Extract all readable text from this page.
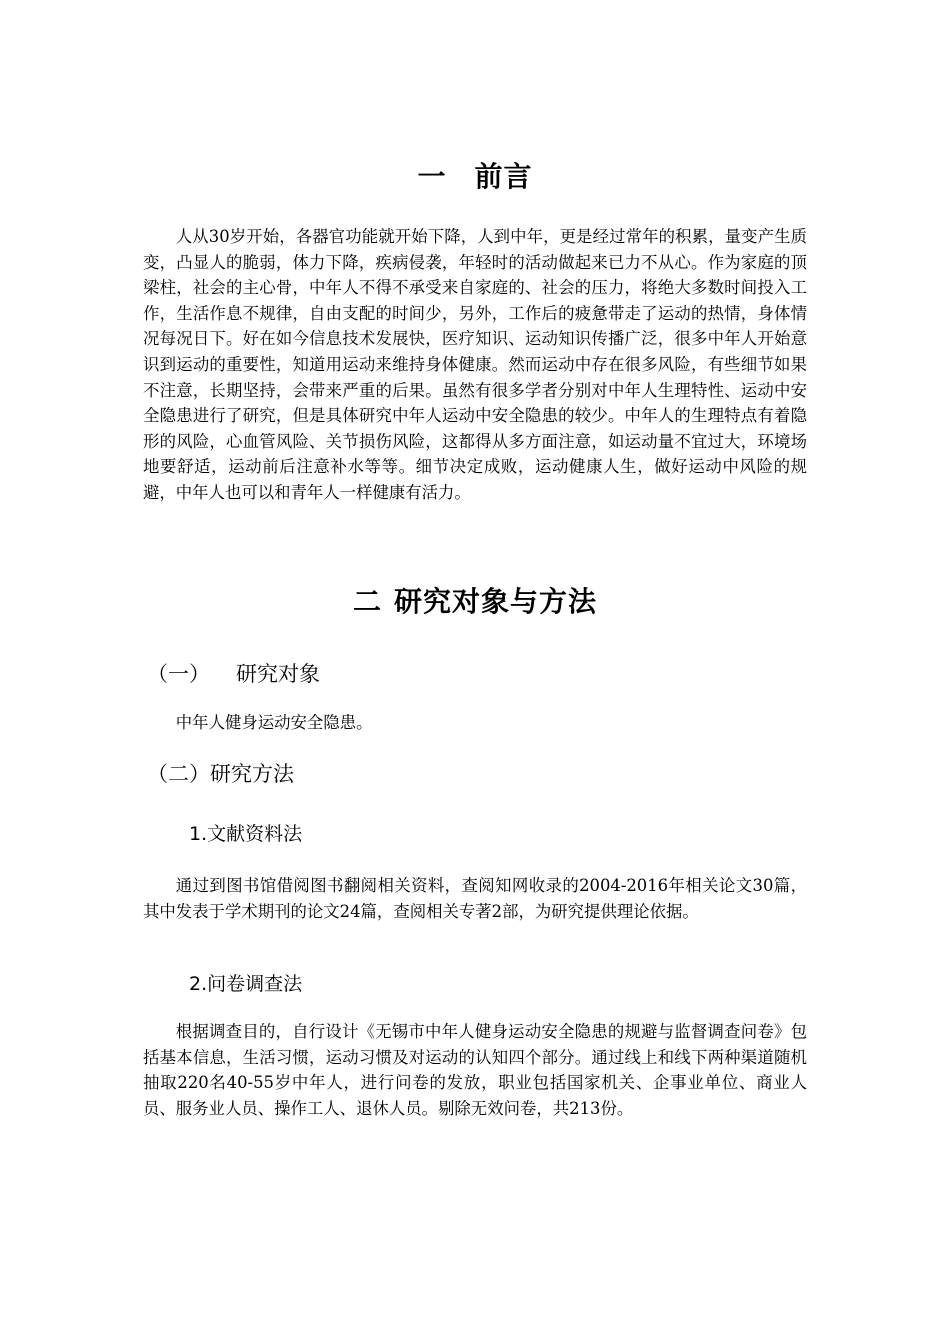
一 前言

人从30岁开始，各器官功能就开始下降，人到中年，更是经过常年的积累，量变产生质变，凸显人的脆弱，体力下降，疾病侵袭，年轻时的活动做起来已力不从心。作为家庭的顶梁柱，社会的主心骨，中年人不得不承受来自家庭的、社会的压力，将绝大多数时间投入工作，生活作息不规律，自由支配的时间少，另外，工作后的疲惫带走了运动的热情，身体情况每况日下。好在如今信息技术发展快，医疗知识、运动知识传播广泛，很多中年人开始意识到运动的重要性，知道用运动来维持身体健康。然而运动中存在很多风险，有些细节如果不注意，长期坚持，会带来严重的后果。虽然有很多学者分别对中年人生理特性、运动中安全隐患进行了研究，但是具体研究中年人运动中安全隐患的较少。中年人的生理特点有着隐形的风险，心血管风险、关节损伤风险，这都得从多方面注意，如运动量不宜过大，环境场地要舒适，运动前后注意补水等等。细节决定成败，运动健康人生，做好运动中风险的规避，中年人也可以和青年人一样健康有活力。

二 研究对象与方法
（一） 研究对象

中年人健身运动安全隐患。

（二）研究方法
1.文献资料法

通过到图书馆借阅图书翻阅相关资料，查阅知网收录的2004-2016年相关论文30篇，其中发表于学术期刊的论文24篇，查阅相关专著2部，为研究提供理论依据。

2.问卷调查法

根据调查目的，自行设计《无锡市中年人健身运动安全隐患的规避与监督调查问卷》包括基本信息，生活习惯，运动习惯及对运动的认知四个部分。通过线上和线下两种渠道随机抽取220名40-55岁中年人，进行问卷的发放，职业包括国家机关、企事业单位、商业人员、服务业人员、操作工人、退休人员。剔除无效问卷，共213份。
